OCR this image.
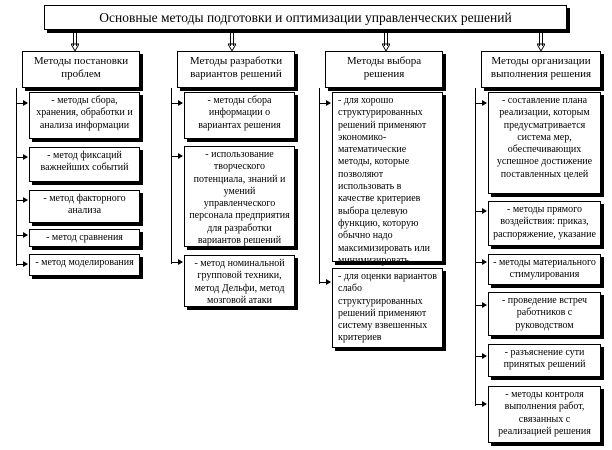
Основные методы подготовки и оптимизации управленческих решений
Методы постановки проблем
- методы сбора, хранения, обработки и анализа информации
- метод фиксаций важнейших событий
- метод факторного анализа
- метод сравнения
- метод моделирования
Методы разработки вариантов решений
- методы сбора информации о вариантах решения
- использование творческого потенциала, знаний и умений управленческого персонала предприятия для разработки вариантов решений
- метод номинальной групповой техники, метод Дельфи, метод мозговой атаки
Методы выбора решения
- для хорошо структурированных решений применяют экономико-математические методы, которые позволяют использовать в качестве критериев выбора целевую функцию, которую обычно надо максимизировать или минимизировать
- для оценки вариантов слабо структурированных решений применяют систему взвешенных критериев
Методы организации выполнения решения
- составление плана реализации, которым предусматривается система мер, обеспечивающих успешное достижение поставленных целей
- методы прямого воздействия: приказ, распоряжение, указание
- методы материального стимулирования
- проведение встреч работников с руководством
- разъяснение сути принятых решений
- методы контроля выполнения работ, связанных с реализацией решения
